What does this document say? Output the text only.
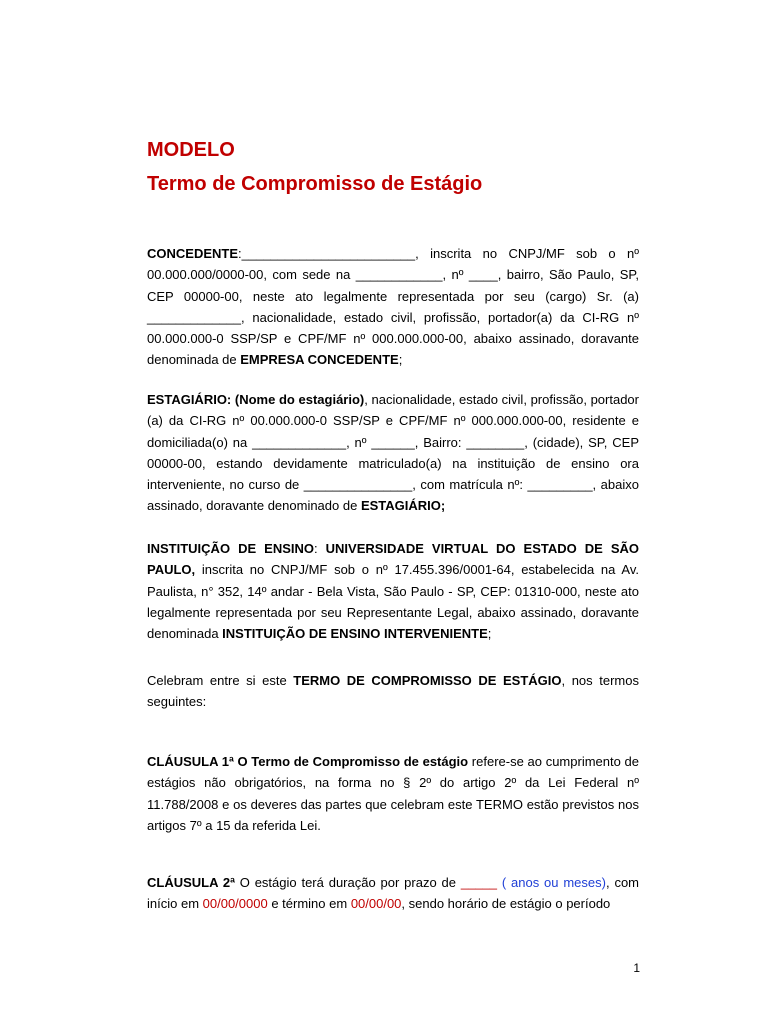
MODELO
Termo de Compromisso de Estágio

CONCEDENTE:________________________, inscrita no CNPJ/MF sob o nº 00.000.000/0000-00, com sede na ____________, nº ____, bairro, São Paulo, SP, CEP 00000-00, neste ato legalmente representada por seu (cargo) Sr. (a) _____________, nacionalidade, estado civil, profissão, portador(a) da CI-RG nº 00.000.000-0 SSP/SP e CPF/MF nº 000.000.000-00, abaixo assinado, doravante denominada de EMPRESA CONCEDENTE;

ESTAGIÁRIO: (Nome do estagiário), nacionalidade, estado civil, profissão, portador (a) da CI-RG nº 00.000.000-0 SSP/SP e CPF/MF nº 000.000.000-00, residente e domiciliada(o) na _____________, nº ______, Bairro: ________, (cidade), SP, CEP 00000-00, estando devidamente matriculado(a) na instituição de ensino ora interveniente, no curso de _______________, com matrícula nº: _________, abaixo assinado, doravante denominado de ESTAGIÁRIO;

INSTITUIÇÃO DE ENSINO: UNIVERSIDADE VIRTUAL DO ESTADO DE SÃO PAULO, inscrita no CNPJ/MF sob o nº 17.455.396/0001-64, estabelecida na Av. Paulista, n° 352, 14º andar - Bela Vista, São Paulo - SP, CEP: 01310-000, neste ato legalmente representada por seu Representante Legal, abaixo assinado, doravante denominada INSTITUIÇÃO DE ENSINO INTERVENIENTE;

Celebram entre si este TERMO DE COMPROMISSO DE ESTÁGIO, nos termos seguintes:

CLÁUSULA 1ª O Termo de Compromisso de estágio refere-se ao cumprimento de estágios não obrigatórios, na forma no § 2º do artigo 2º da Lei Federal nº 11.788/2008 e os deveres das partes que celebram este TERMO estão previstos nos artigos 7º a 15 da referida Lei.

CLÁUSULA 2ª O estágio terá duração por prazo de _____ ( anos ou meses), com início em 00/00/0000 e término em 00/00/00, sendo horário de estágio o período

1
